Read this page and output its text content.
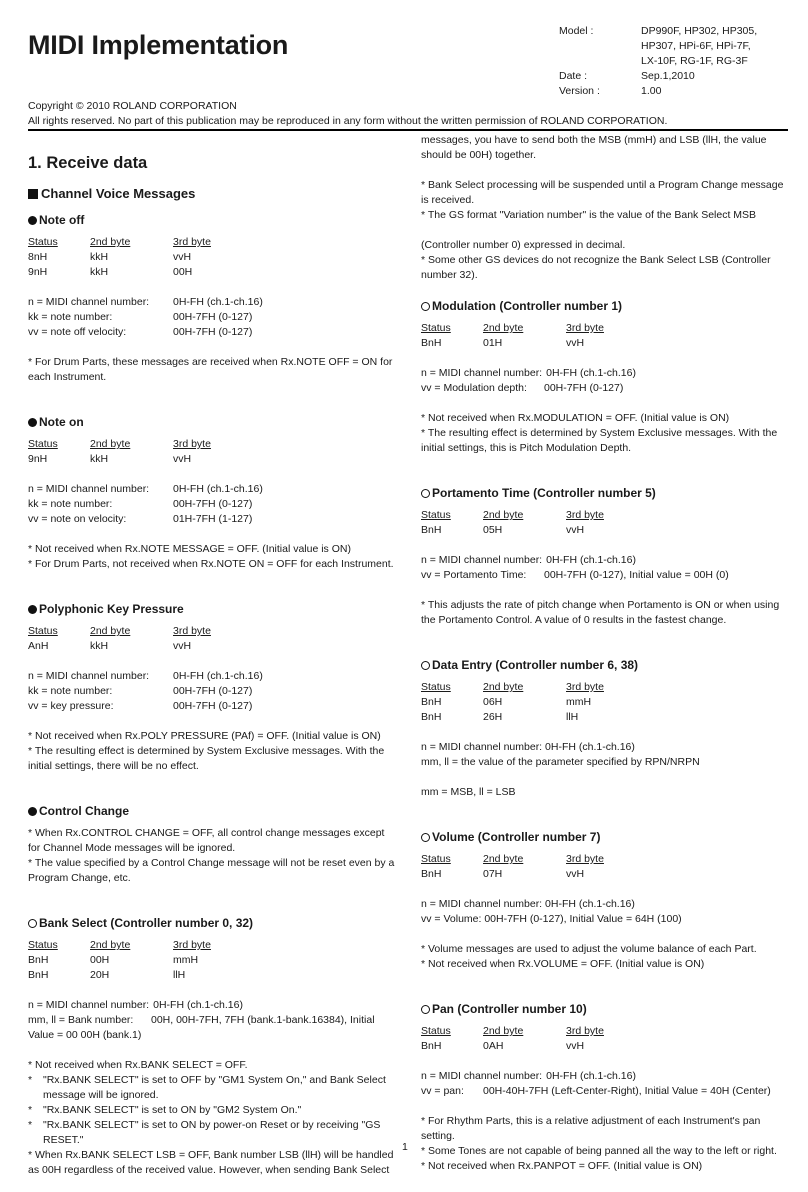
MIDI Implementation	Model :	DP990F, HP302, HP305,
HP307, HPi-6F, HPi-7F,
LX-10F, RG-1F, RG-3F
Date :	Sep.1,2010
Version :	1.00
Copyright © 2010 ROLAND CORPORATION
All rights reserved. No part of this publication may be reproduced in any form without the written permission of ROLAND CORPORATION.
1. Receive data
Channel Voice Messages
Note off
Status	2nd byte	3rd byte
8nH	kkH	vvH
9nH	kkH	00H
n = MIDI channel number:	0H-FH (ch.1-ch.16)
kk = note number:	00H-7FH (0-127)
vv = note off velocity:	00H-7FH (0-127)

* For Drum Parts, these messages are received when Rx.NOTE OFF = ON for each Instrument.

Note on
Status	2nd byte	3rd byte
9nH	kkH	vvH
n = MIDI channel number:	0H-FH (ch.1-ch.16)
kk = note number:	00H-7FH (0-127)
vv = note on velocity:	01H-7FH (1-127)

* Not received when Rx.NOTE MESSAGE = OFF. (Initial value is ON)

* For Drum Parts, not received when Rx.NOTE ON = OFF for each Instrument.

Polyphonic Key Pressure
Status	2nd byte	3rd byte
AnH	kkH	vvH
n = MIDI channel number:	0H-FH (ch.1-ch.16)
kk = note number:	00H-7FH (0-127)
vv = key pressure:	00H-7FH (0-127)

* Not received when Rx.POLY PRESSURE (PAf) = OFF. (Initial value is ON)

* The resulting effect is determined by System Exclusive messages. With the initial settings, there will be no effect.

Control Change

* When Rx.CONTROL CHANGE = OFF, all control change messages except for Channel Mode messages will be ignored.

* The value specified by a Control Change message will not be reset even by a Program Change, etc.

Bank Select (Controller number 0, 32)
Status	2nd byte	3rd byte
BnH	00H	mmH
BnH	20H	llH
n = MIDI channel number: 0H-FH (ch.1-ch.16)
mm, ll = Bank number:	00H, 00H-7FH, 7FH (bank.1-bank.16384), Initial

Value = 00 00H (bank.1)

* Not received when Rx.BANK SELECT = OFF.

*	"Rx.BANK SELECT" is set to OFF by "GM1 System On," and Bank Select message will be ignored.
*	"Rx.BANK SELECT" is set to ON by "GM2 System On."
*	"Rx.BANK SELECT" is set to ON by power-on Reset or by receiving "GS RESET."

* When Rx.BANK SELECT LSB = OFF, Bank number LSB (llH) will be handled as 00H regardless of the received value. However, when sending Bank Select

messages, you have to send both the MSB (mmH) and LSB (llH, the value should be 00H) together.

* Bank Select processing will be suspended until a Program Change message is received.

* The GS format "Variation number" is the value of the Bank Select MSB

(Controller number 0) expressed in decimal.

* Some other GS devices do not recognize the Bank Select LSB (Controller number 32).

Modulation (Controller number 1)
Status	2nd byte	3rd byte
BnH	01H	vvH
n = MIDI channel number: 0H-FH (ch.1-ch.16)
vv = Modulation depth:	00H-7FH (0-127)

* Not received when Rx.MODULATION = OFF. (Initial value is ON)

* The resulting effect is determined by System Exclusive messages. With the initial settings, this is Pitch Modulation Depth.

Portamento Time (Controller number 5)
Status	2nd byte	3rd byte
BnH	05H	vvH
n = MIDI channel number: 0H-FH (ch.1-ch.16)
vv = Portamento Time:	00H-7FH (0-127), Initial value = 00H (0)

* This adjusts the rate of pitch change when Portamento is ON or when using the Portamento Control. A value of 0 results in the fastest change.

Data Entry (Controller number 6, 38)
Status	2nd byte	3rd byte
BnH	06H	mmH
BnH	26H	llH

n = MIDI channel number: 0H-FH (ch.1-ch.16)

mm, ll = the value of the parameter specified by RPN/NRPN

mm = MSB, ll = LSB

Volume (Controller number 7)
Status	2nd byte	3rd byte
BnH	07H	vvH

n = MIDI channel number: 0H-FH (ch.1-ch.16)

vv = Volume: 00H-7FH (0-127), Initial Value = 64H (100)

* Volume messages are used to adjust the volume balance of each Part.

* Not received when Rx.VOLUME = OFF. (Initial value is ON)

Pan (Controller number 10)
Status	2nd byte	3rd byte
BnH	0AH	vvH
n = MIDI channel number: 0H-FH (ch.1-ch.16)
vv = pan:	00H-40H-7FH (Left-Center-Right), Initial Value = 40H (Center)

* For Rhythm Parts, this is a relative adjustment of each Instrument's pan setting.

* Some Tones are not capable of being panned all the way to the left or right.

* Not received when Rx.PANPOT = OFF. (Initial value is ON)

1
